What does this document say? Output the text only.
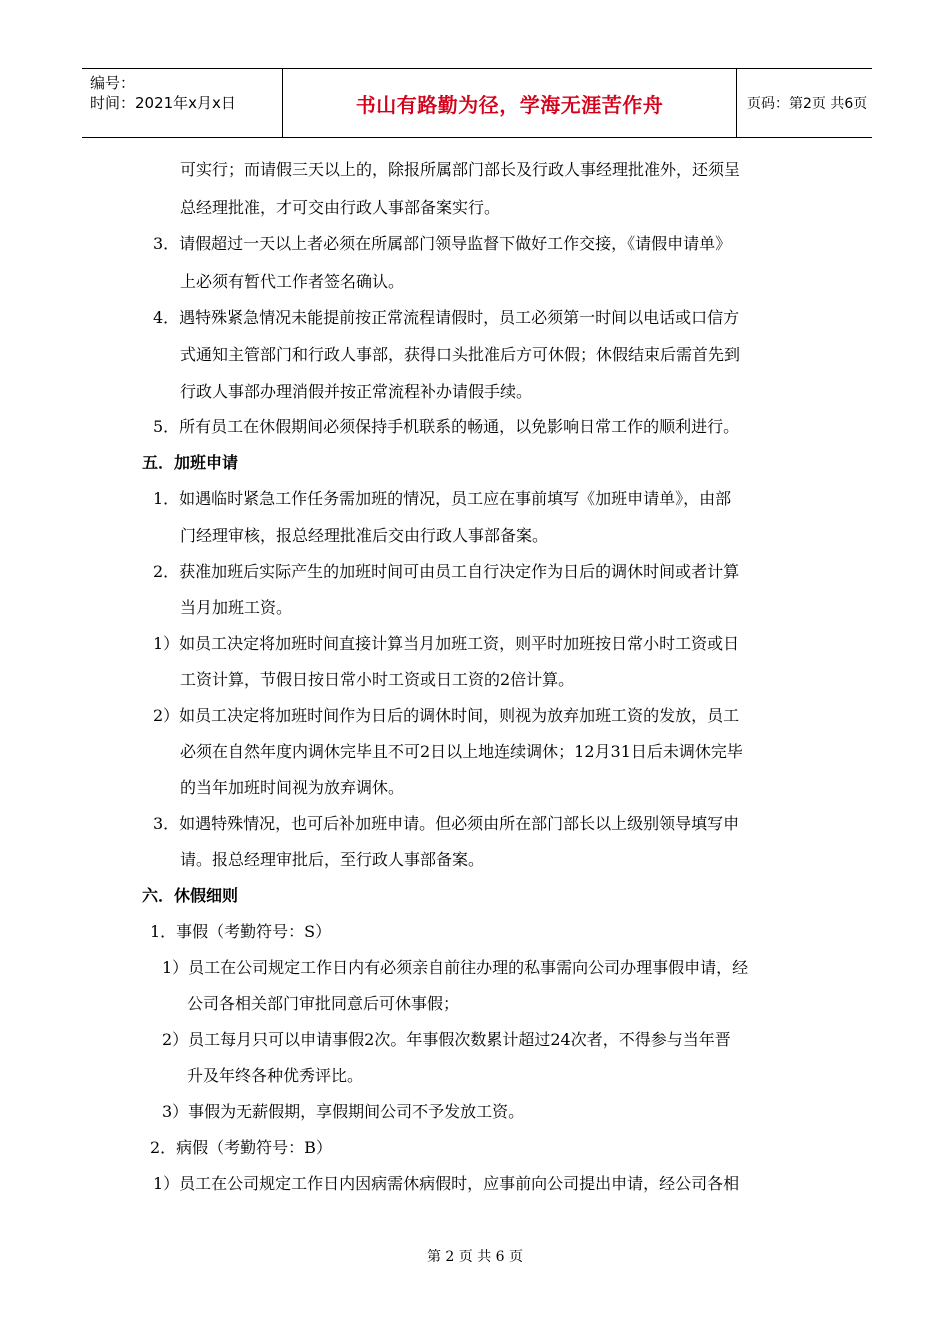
编号：
时间：2021年x月x日	书山有路勤为径，学海无涯苦作舟	页码：第2页 共6页
可实行；而请假三天以上的，除报所属部门部长及行政人事经理批准外，还须呈
总经理批准，才可交由行政人事部备案实行。
3．请假超过一天以上者必须在所属部门领导监督下做好工作交接，《请假申请单》
上必须有暂代工作者签名确认。
4．遇特殊紧急情况未能提前按正常流程请假时，员工必须第一时间以电话或口信方
式通知主管部门和行政人事部，获得口头批准后方可休假；休假结束后需首先到
行政人事部办理消假并按正常流程补办请假手续。
5．所有员工在休假期间必须保持手机联系的畅通，以免影响日常工作的顺利进行。
五．加班申请
1．如遇临时紧急工作任务需加班的情况，员工应在事前填写《加班申请单》，由部
门经理审核，报总经理批准后交由行政人事部备案。
2．获准加班后实际产生的加班时间可由员工自行决定作为日后的调休时间或者计算
当月加班工资。
1）如员工决定将加班时间直接计算当月加班工资，则平时加班按日常小时工资或日
工资计算，节假日按日常小时工资或日工资的2倍计算。
2）如员工决定将加班时间作为日后的调休时间，则视为放弃加班工资的发放，员工
必须在自然年度内调休完毕且不可2日以上地连续调休；12月31日后未调休完毕
的当年加班时间视为放弃调休。
3．如遇特殊情况，也可后补加班申请。但必须由所在部门部长以上级别领导填写申
请。报总经理审批后，至行政人事部备案。
六．休假细则
1．事假（考勤符号：S）
1）员工在公司规定工作日内有必须亲自前往办理的私事需向公司办理事假申请，经
公司各相关部门审批同意后可休事假；
2）员工每月只可以申请事假2次。年事假次数累计超过24次者，不得参与当年晋
升及年终各种优秀评比。
3）事假为无薪假期，享假期间公司不予发放工资。
2．病假（考勤符号：B）
1）员工在公司规定工作日内因病需休病假时，应事前向公司提出申请，经公司各相
第 2 页 共 6 页
